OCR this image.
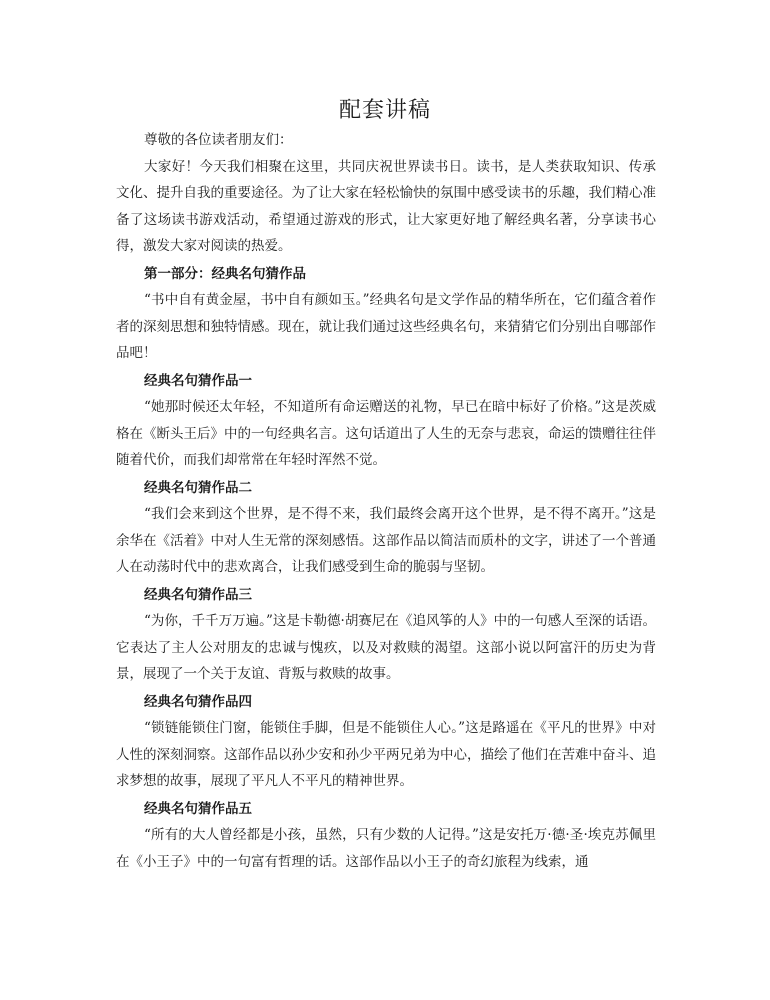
配套讲稿

尊敬的各位读者朋友们：

大家好！今天我们相聚在这里，共同庆祝世界读书日。读书，是人类获取知识、传承文化、提升自我的重要途径。为了让大家在轻松愉快的氛围中感受读书的乐趣，我们精心准备了这场读书游戏活动，希望通过游戏的形式，让大家更好地了解经典名著，分享读书心得，激发大家对阅读的热爱。

第一部分：经典名句猜作品

“书中自有黄金屋，书中自有颜如玉。”经典名句是文学作品的精华所在，它们蕴含着作者的深刻思想和独特情感。现在，就让我们通过这些经典名句，来猜猜它们分别出自哪部作品吧！

经典名句猜作品一

“她那时候还太年轻，不知道所有命运赠送的礼物，早已在暗中标好了价格。”这是茨威格在《断头王后》中的一句经典名言。这句话道出了人生的无奈与悲哀，命运的馈赠往往伴随着代价，而我们却常常在年轻时浑然不觉。

经典名句猜作品二

“我们会来到这个世界，是不得不来，我们最终会离开这个世界，是不得不离开。”这是余华在《活着》中对人生无常的深刻感悟。这部作品以简洁而质朴的文字，讲述了一个普通人在动荡时代中的悲欢离合，让我们感受到生命的脆弱与坚韧。

经典名句猜作品三

“为你，千千万万遍。”这是卡勒德·胡赛尼在《追风筝的人》中的一句感人至深的话语。它表达了主人公对朋友的忠诚与愧疚，以及对救赎的渴望。这部小说以阿富汗的历史为背景，展现了一个关于友谊、背叛与救赎的故事。

经典名句猜作品四

“锁链能锁住门窗，能锁住手脚，但是不能锁住人心。”这是路遥在《平凡的世界》中对人性的深刻洞察。这部作品以孙少安和孙少平两兄弟为中心，描绘了他们在苦难中奋斗、追求梦想的故事，展现了平凡人不平凡的精神世界。

经典名句猜作品五

“所有的大人曾经都是小孩，虽然，只有少数的人记得。”这是安托万·德·圣·埃克苏佩里在《小王子》中的一句富有哲理的话。这部作品以小王子的奇幻旅程为线索，通
